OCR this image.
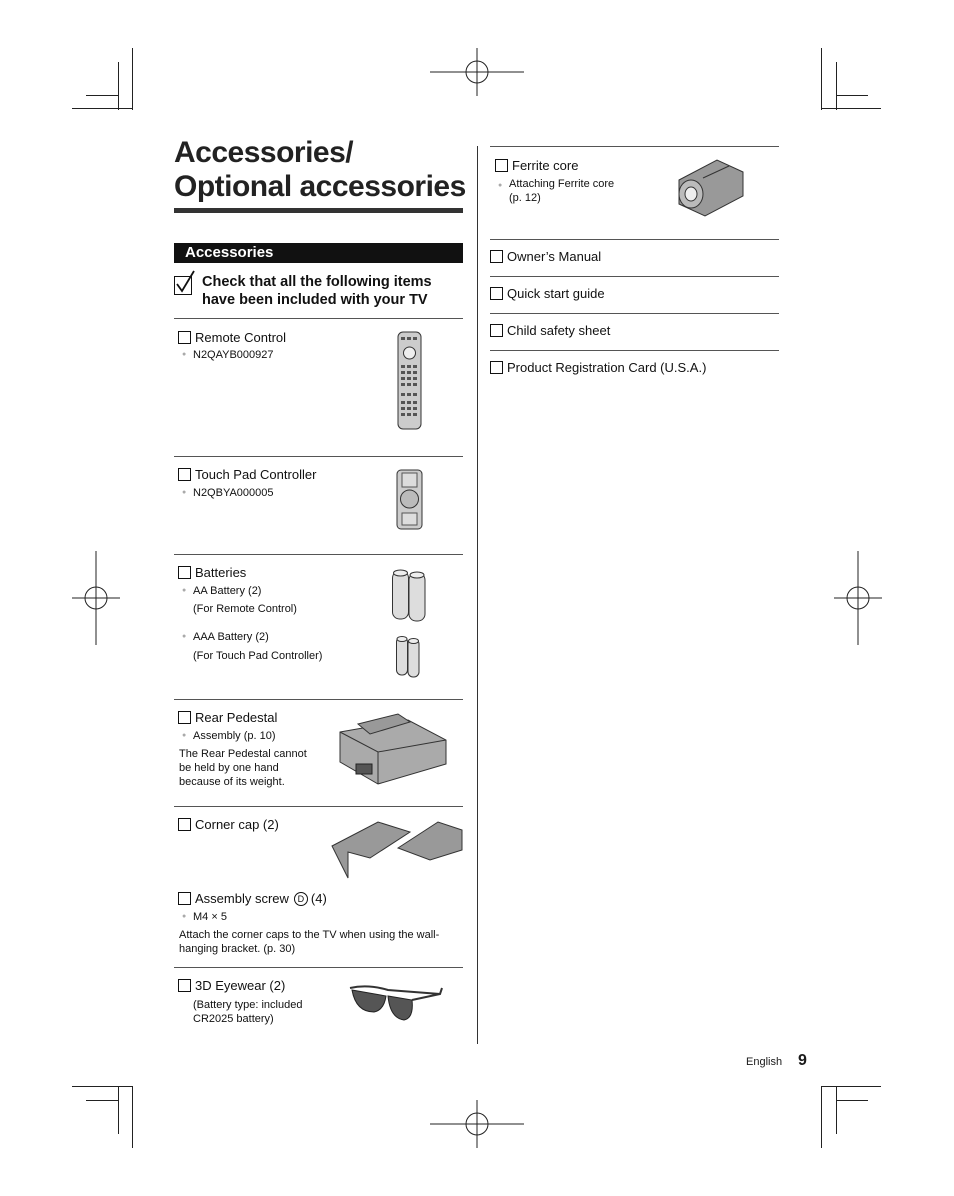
Accessories/
Optional accessories
Accessories
Check that all the following items
have been included with your TV
Remote Control
● N2QAYB000927
Touch Pad Controller
● N2QBYA000005
Batteries
● AA Battery (2)
(For Remote Control)
● AAA Battery (2)
(For Touch Pad Controller)
Rear Pedestal
● Assembly (p. 10)
The Rear Pedestal cannot
be held by one hand
because of its weight.
Corner cap (2)
Assembly screw D (4)
● M4 × 5
Attach the corner caps to the TV when using the wall-
hanging bracket. (p. 30)
3D Eyewear (2)
(Battery type: included
CR2025 battery)
Ferrite core
● Attaching Ferrite core
(p. 12)
Owner’s Manual
Quick start guide
Child safety sheet
Product Registration Card (U.S.A.)
English 9
